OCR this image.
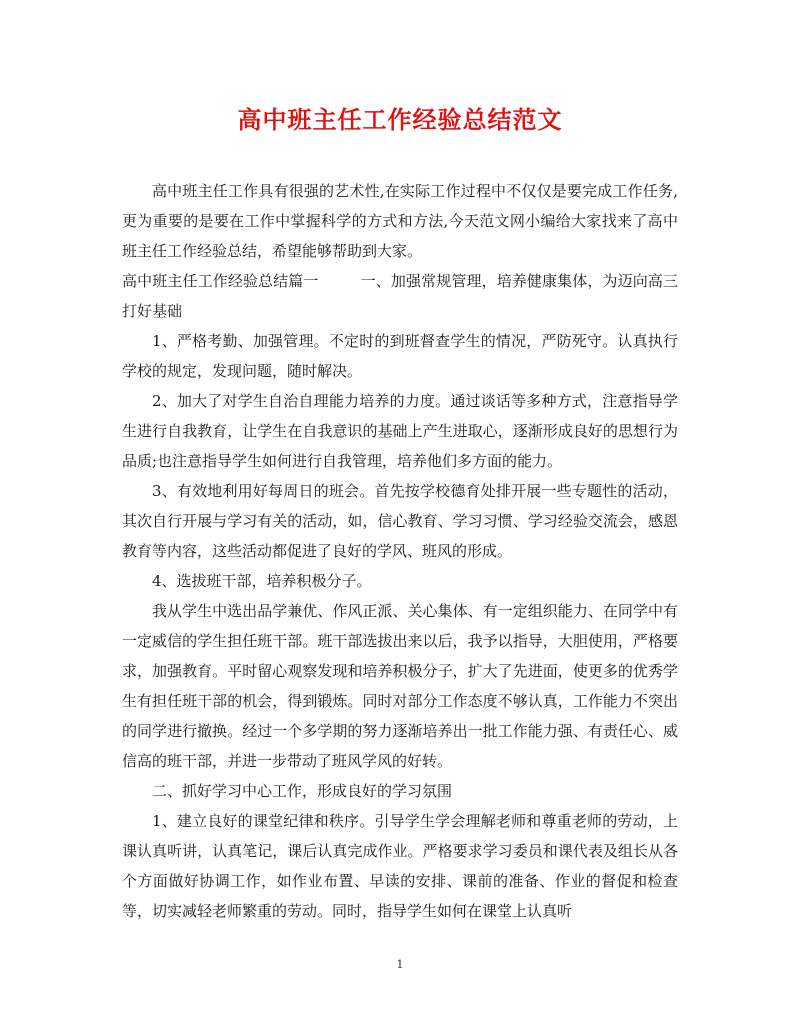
高中班主任工作经验总结范文

高中班主任工作具有很强的艺术性,在实际工作过程中不仅仅是要完成工作任务,更为重要的是要在工作中掌握科学的方式和方法,今天范文网小编给大家找来了高中班主任工作经验总结，希望能够帮助到大家。

高中班主任工作经验总结篇一	一、加强常规管理，培养健康集体，为迈向高三打好基础

1、严格考勤、加强管理。不定时的到班督查学生的情况，严防死守。认真执行学校的规定，发现问题，随时解决。

2、加大了对学生自治自理能力培养的力度。通过谈话等多种方式，注意指导学生进行自我教育，让学生在自我意识的基础上产生进取心，逐渐形成良好的思想行为品质;也注意指导学生如何进行自我管理，培养他们多方面的能力。

3、有效地利用好每周日的班会。首先按学校德育处排开展一些专题性的活动，其次自行开展与学习有关的活动，如，信心教育、学习习惯、学习经验交流会，感恩教育等内容，这些活动都促进了良好的学风、班风的形成。

4、选拔班干部，培养积极分子。

我从学生中选出品学兼优、作风正派、关心集体、有一定组织能力、在同学中有一定威信的学生担任班干部。班干部选拔出来以后，我予以指导，大胆使用，严格要求，加强教育。平时留心观察发现和培养积极分子，扩大了先进面，使更多的优秀学生有担任班干部的机会，得到锻炼。同时对部分工作态度不够认真，工作能力不突出的同学进行撤换。经过一个多学期的努力逐渐培养出一批工作能力强、有责任心、威信高的班干部，并进一步带动了班风学风的好转。

二、抓好学习中心工作，形成良好的学习氛围

1、建立良好的课堂纪律和秩序。引导学生学会理解老师和尊重老师的劳动，上课认真听讲，认真笔记，课后认真完成作业。严格要求学习委员和课代表及组长从各个方面做好协调工作，如作业布置、早读的安排、课前的准备、作业的督促和检查等，切实减轻老师繁重的劳动。同时，指导学生如何在课堂上认真听

1
